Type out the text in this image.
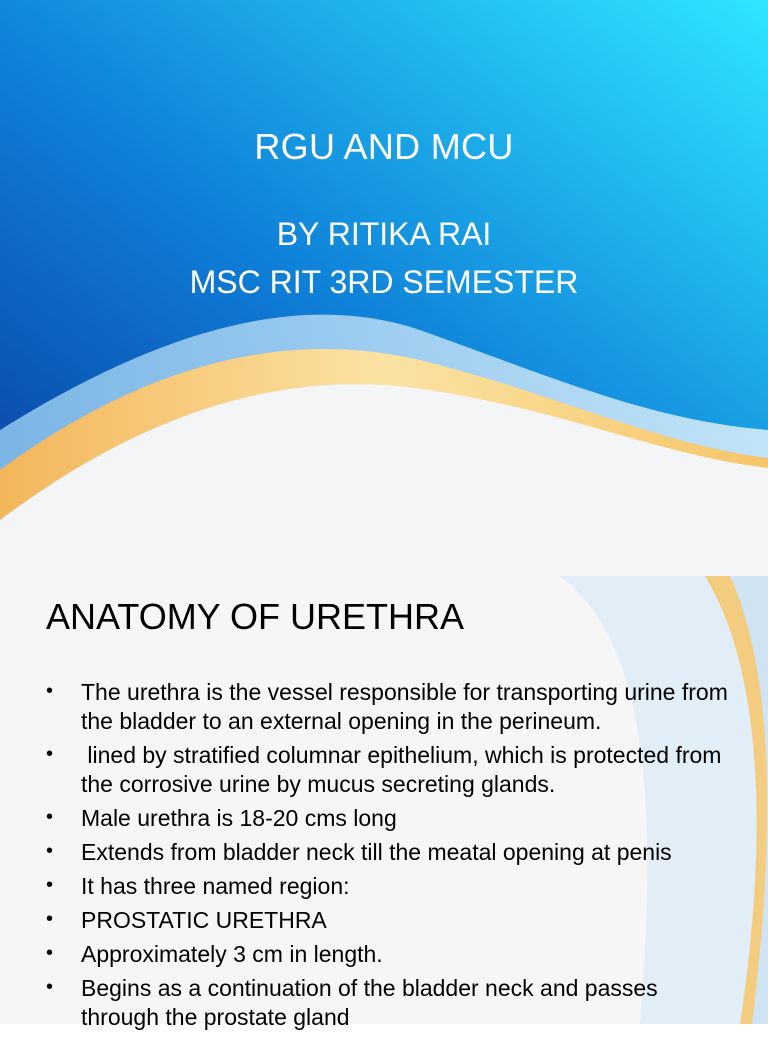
RGU AND MCU
BY RITIKA RAI
MSC RIT 3RD SEMESTER
ANATOMY OF URETHRA
• The urethra is the vessel responsible for transporting urine from the bladder to an external opening in the perineum.
• lined by stratified columnar epithelium, which is protected from the corrosive urine by mucus secreting glands.
• Male urethra is 18-20 cms long
• Extends from bladder neck till the meatal opening at penis
• It has three named region:
• PROSTATIC URETHRA
• Approximately 3 cm in length.
• Begins as a continuation of the bladder neck and passes through the prostate gland
